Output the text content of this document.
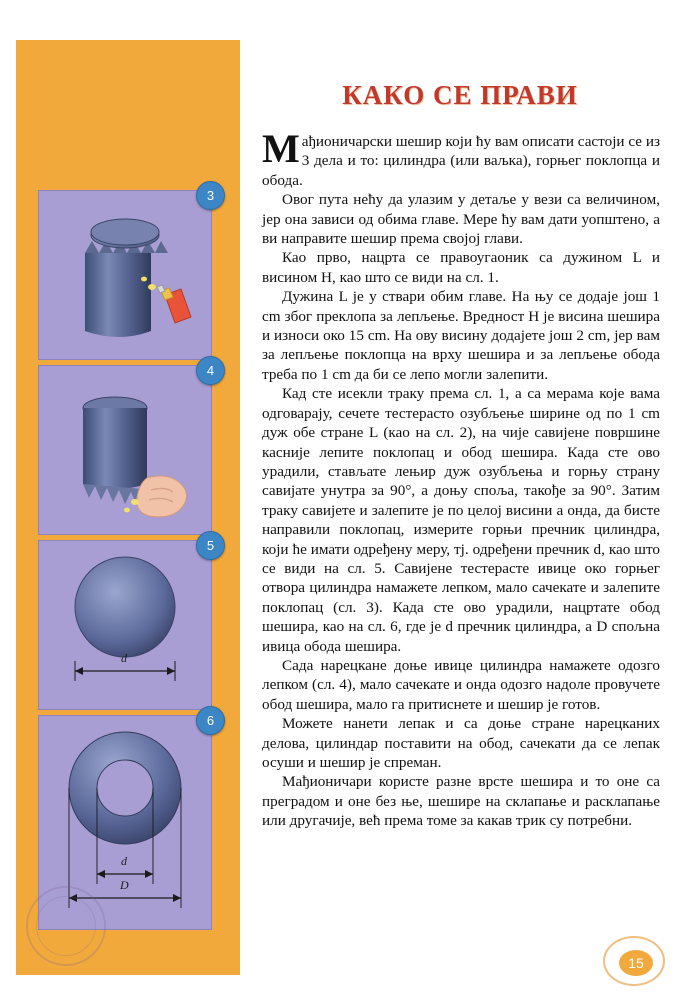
КАКО СЕ ПРАВИ

Мађионичарски шешир који ћу вам описати састоји се из 3 дела и то: цилиндра (или ваљка), горњег поклопца и обода.

Овог пута нећу да улазим у детаље у вези са величином, јер она зависи од обима главе. Мере ћу вам дати уопштено, а ви направите шешир према својој глави.

Као прво, нацрта се правоугаоник са дужином L и висином H, као што се види на сл. 1.

Дужина L је у ствари обим главе. На њу се додаје још 1 cm због преклопа за лепљење. Вредност H је висина шешира и износи око 15 cm. На ову висину додајете још 2 cm, јер вам за лепљење поклопца на врху шешира и за лепљење обода треба по 1 cm да би се лепо могли залепити.

Кад сте исекли траку према сл. 1, а са мерама које вама одговарају, сечете тестерасто озубљење ширине од по 1 cm дуж обе стране L (као на сл. 2), на чије савијене површине касније лепите поклопац и обод шешира. Када сте ово урадили, стављате лењир дуж озубљења и горњу страну савијате унутра за 90°, а доњу споља, такође за 90°. Затим траку савијете и залепите је по целој висини а онда, да бисте направили поклопац, измерите горњи пречник цилиндра, који ће имати одређену меру, тј. одређени пречник d, као што се види на сл. 5. Савијене тестерасте ивице око горњег отвора цилиндра намажете лепком, мало сачекате и залепите поклопац (сл. 3). Када сте ово урадили, нацртате обод шешира, као на сл. 6, где је d пречник цилиндра, а D спољна ивица обода шешира.

Сада нарецкане доње ивице цилиндра намажете одозго лепком (сл. 4), мало сачекате и онда одозго надоле провучете обод шешира, мало га притиснете и шешир је готов.

Можете нанети лепак и са доње стране нарецканих делова, цилиндар поставити на обод, сачекати да се лепак осуши и шешир је спреман.

Мађионичари користе разне врсте шешира и то оне са преградом и оне без ње, шешире на склапање и расклапање или другачије, већ према томе за какав трик су потребни.

3
4
d
5
d
D
6
15
